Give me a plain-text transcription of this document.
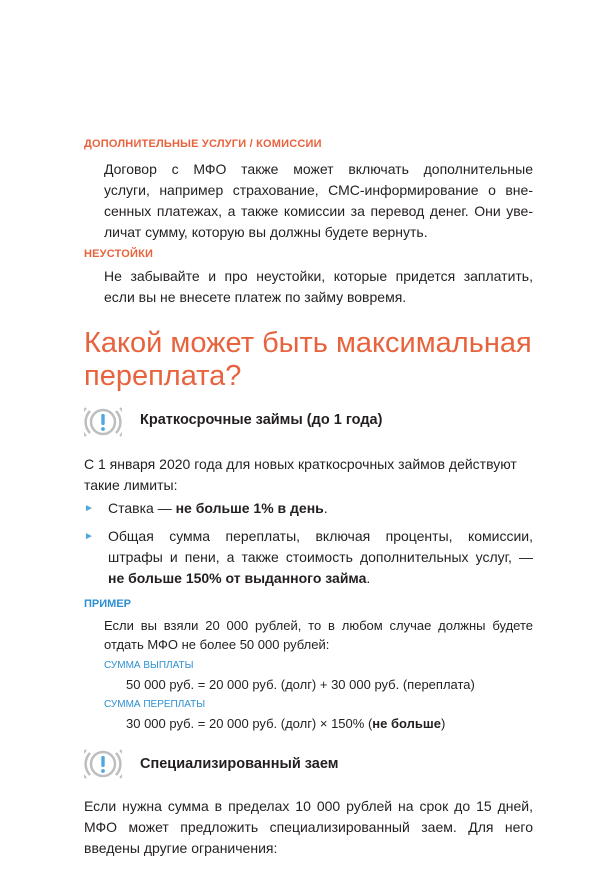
ДОПОЛНИТЕЛЬНЫЕ УСЛУГИ / КОМИССИИ
Договор с МФО также может включать дополнительные
услуги, например страхование, СМС-информирование о вне-
сенных платежах, а также комиссии за перевод денег. Они уве-
личат сумму, которую вы должны будете вернуть.
НЕУСТОЙКИ
Не забывайте и про неустойки, которые придется заплатить,
если вы не внесете платеж по займу вовремя.
Какой может быть максимальная
переплата?
Краткосрочные займы (до 1 года)
С 1 января 2020 года для новых краткосрочных займов действуют
такие лимиты:
►	Ставка — не больше 1% в день.
►	Общая сумма переплаты, включая проценты, комиссии,
штрафы и пени, а также стоимость дополнительных услуг, —
не больше 150% от выданного займа.
ПРИМЕР
Если вы взяли 20 000 рублей, то в любом случае должны будете
отдать МФО не более 50 000 рублей:
СУММА ВЫПЛАТЫ
50 000 руб. = 20 000 руб. (долг) + 30 000 руб. (переплата)
СУММА ПЕРЕПЛАТЫ
30 000 руб. = 20 000 руб. (долг) × 150% (не больше)
Специализированный заем
Если нужна сумма в пределах 10 000 рублей на срок до 15 дней,
МФО может предложить специализированный заем. Для него
введены другие ограничения:
